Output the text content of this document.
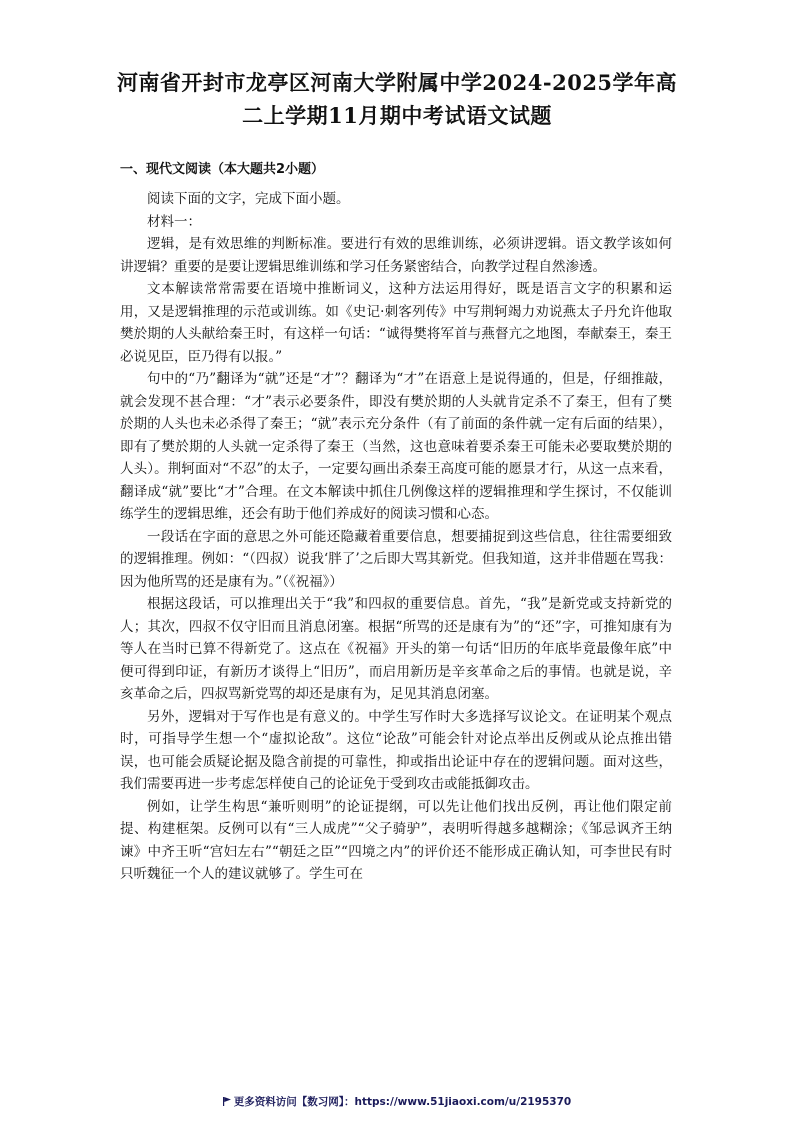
河南省开封市龙亭区河南大学附属中学2024-2025学年高
二上学期11月期中考试语文试题
一、现代文阅读（本大题共2小题）

阅读下面的文字，完成下面小题。

材料一：

逻辑，是有效思维的判断标准。要进行有效的思维训练，必须讲逻辑。语文教学该如何讲逻辑？重要的是要让逻辑思维训练和学习任务紧密结合，向教学过程自然渗透。

文本解读常常需要在语境中推断词义，这种方法运用得好，既是语言文字的积累和运用，又是逻辑推理的示范或训练。如《史记·刺客列传》中写荆轲竭力劝说燕太子丹允许他取樊於期的人头献给秦王时，有这样一句话：“诚得樊将军首与燕督亢之地图，奉献秦王，秦王必说见臣，臣乃得有以报。”

句中的“乃”翻译为“就”还是“才”？翻译为“才”在语意上是说得通的，但是，仔细推敲，就会发现不甚合理：“才”表示必要条件，即没有樊於期的人头就肯定杀不了秦王，但有了樊於期的人头也未必杀得了秦王；“就”表示充分条件（有了前面的条件就一定有后面的结果），即有了樊於期的人头就一定杀得了秦王（当然，这也意味着要杀秦王可能未必要取樊於期的人头）。荆轲面对“不忍”的太子，一定要勾画出杀秦王高度可能的愿景才行，从这一点来看，翻译成“就”要比“才”合理。在文本解读中抓住几例像这样的逻辑推理和学生探讨，不仅能训练学生的逻辑思维，还会有助于他们养成好的阅读习惯和心态。

一段话在字面的意思之外可能还隐藏着重要信息，想要捕捉到这些信息，往往需要细致的逻辑推理。例如：“（四叔）说我‘胖了’之后即大骂其新党。但我知道，这并非借题在骂我：因为他所骂的还是康有为。”（《祝福》）

根据这段话，可以推理出关于“我”和四叔的重要信息。首先，“我”是新党或支持新党的人；其次，四叔不仅守旧而且消息闭塞。根据“所骂的还是康有为”的“还”字，可推知康有为等人在当时已算不得新党了。这点在《祝福》开头的第一句话“旧历的年底毕竟最像年底”中便可得到印证，有新历才谈得上“旧历”，而启用新历是辛亥革命之后的事情。也就是说，辛亥革命之后，四叔骂新党骂的却还是康有为，足见其消息闭塞。

另外，逻辑对于写作也是有意义的。中学生写作时大多选择写议论文。在证明某个观点时，可指导学生想一个“虚拟论敌”。这位“论敌”可能会针对论点举出反例或从论点推出错误，也可能会质疑论据及隐含前提的可靠性，抑或指出论证中存在的逻辑问题。面对这些，我们需要再进一步考虑怎样使自己的论证免于受到攻击或能抵御攻击。

例如，让学生构思“兼听则明”的论证提纲，可以先让他们找出反例，再让他们限定前提、构建框架。反例可以有“三人成虎”“父子骑驴”，表明听得越多越糊涂；《邹忌讽齐王纳谏》中齐王听“宫妇左右”“朝廷之臣”“四境之内”的评价还不能形成正确认知，可李世民有时只听魏征一个人的建议就够了。学生可在

更多资料访问【数习网】：https://www.51jiaoxi.com/u/2195370
